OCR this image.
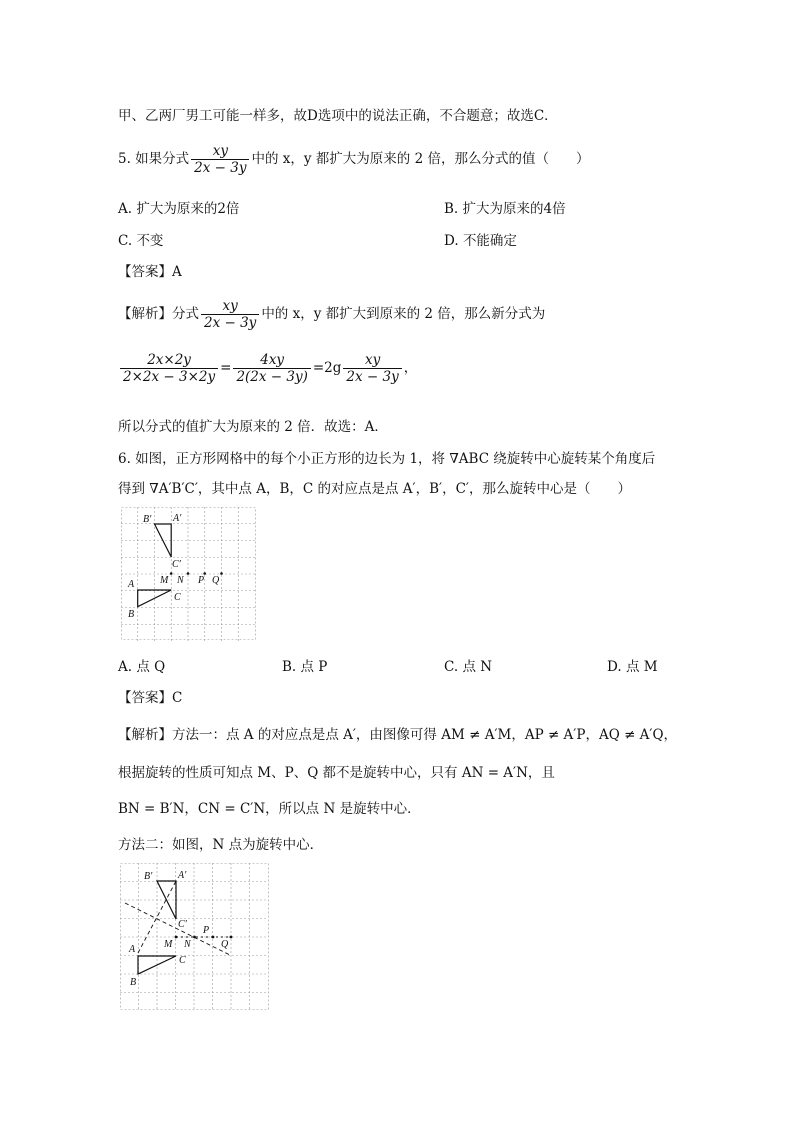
甲、乙两厂男工可能一样多，故D选项中的说法正确，不合题意；故选C．
5. 如果分式 $\frac{xy}{2x - 3y}$ 中的 x，y 都扩大为原来的 2 倍，那么分式的值（　　）
A. 扩大为原来的2倍	B. 扩大为原来的4倍
C. 不变	D. 不能确定
【答案】A
【解析】分式 $\frac{xy}{2x - 3y}$ 中的 x，y 都扩大到原来的 2 倍，那么新分式为
$\frac{2x\times 2y}{2\times 2x - 3\times 2y} = \frac{4xy}{2(2x - 3y)} =2g \frac{xy}{2x - 3y}$ ，
所以分式的值扩大为原来的 2 倍．故选：A．
6. 如图，正方形网格中的每个小正方形的边长为 1，将 ∇ABC 绕旋转中心旋转某个角度后
得到 ∇A′B′C′，其中点 A，B，C 的对应点是点 A′，B′，C′，那么旋转中心是（　　）
B′ A′
C′
M N P Q
A
B
C
A. 点 Q	B. 点 P	C. 点 N	D. 点 M
【答案】C
【解析】方法一：点 A 的对应点是点 A′，由图像可得 AM ≠ A′M，AP ≠ A′P，AQ ≠ A′Q，
根据旋转的性质可知点 M、P、Q 都不是旋转中心，只有 AN = A′N，且
BN = B′N，CN = C′N，所以点 N 是旋转中心．
方法二：如图，N 点为旋转中心．
B′	A′
C′
M N
P
Q
A
B
C
